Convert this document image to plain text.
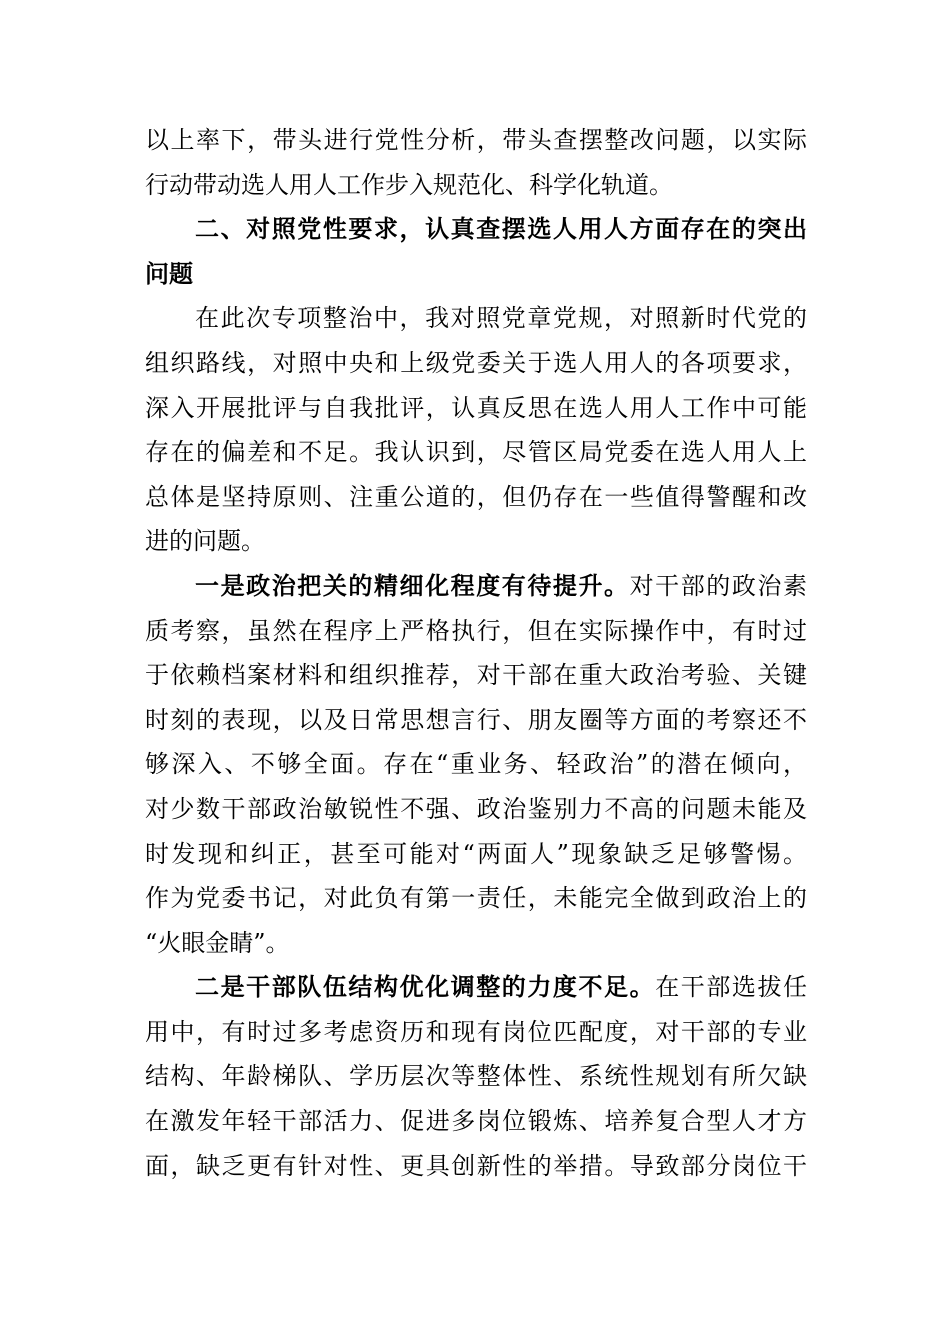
以上率下，带头进行党性分析，带头查摆整改问题，以实际
行动带动选人用人工作步入规范化、科学化轨道。
二、对照党性要求，认真查摆选人用人方面存在的突出
问题
在此次专项整治中，我对照党章党规，对照新时代党的
组织路线，对照中央和上级党委关于选人用人的各项要求，
深入开展批评与自我批评，认真反思在选人用人工作中可能
存在的偏差和不足。我认识到，尽管区局党委在选人用人上
总体是坚持原则、注重公道的，但仍存在一些值得警醒和改
进的问题。
一是政治把关的精细化程度有待提升。对干部的政治素
质考察，虽然在程序上严格执行，但在实际操作中，有时过
于依赖档案材料和组织推荐，对干部在重大政治考验、关键
时刻的表现，以及日常思想言行、朋友圈等方面的考察还不
够深入、不够全面。存在“重业务、轻政治”的潜在倾向，
对少数干部政治敏锐性不强、政治鉴别力不高的问题未能及
时发现和纠正，甚至可能对“两面人”现象缺乏足够警惕。
作为党委书记，对此负有第一责任，未能完全做到政治上的
“火眼金睛”。
二是干部队伍结构优化调整的力度不足。在干部选拔任
用中，有时过多考虑资历和现有岗位匹配度，对干部的专业
结构、年龄梯队、学历层次等整体性、系统性规划有所欠缺
在激发年轻干部活力、促进多岗位锻炼、培养复合型人才方
面，缺乏更有针对性、更具创新性的举措。导致部分岗位干
